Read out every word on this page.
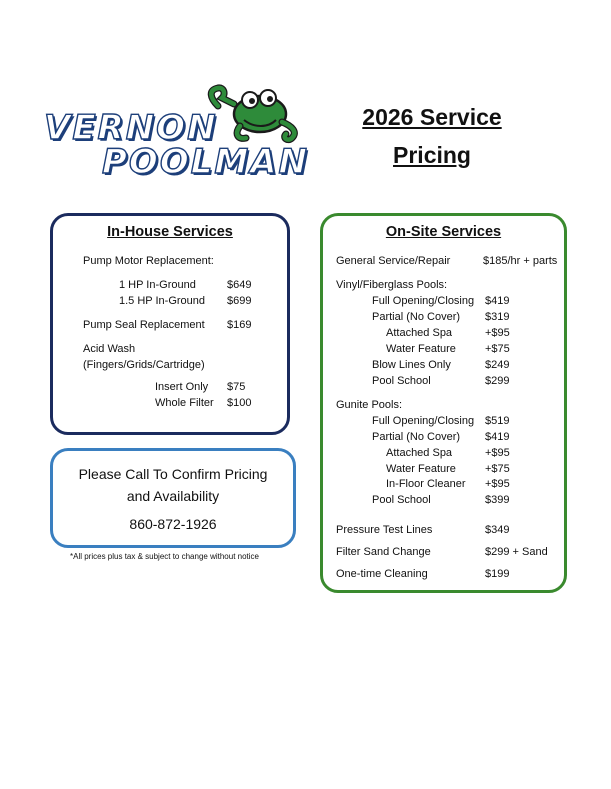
VERNON
POOLMAN
2026 Service
Pricing
In-House Services
Pump Motor Replacement:
1 HP In-Ground	$649
1.5 HP In-Ground $699
Pump Seal Replacement $169
Acid Wash
(Fingers/Grids/Cartridge)
Insert Only $75
Whole Filter $100
Please Call To Confirm Pricing
and Availability
860-872-1926
*All prices plus tax & subject to change without notice
On-Site Services
General Service/Repair	$185/hr + parts
Vinyl/Fiberglass Pools:
Full Opening/Closing $419
Partial (No Cover) $319
Attached Spa	+$95
Water Feature	+$75
Blow Lines Only	$249
Pool School	$299
Gunite Pools:
Full Opening/Closing $519
Partial (No Cover) $419
Attached Spa	+$95
Water Feature	+$75
In-Floor Cleaner +$95
Pool School	$399
Pressure Test Lines	$349
Filter Sand Change	$299 + Sand
One-time Cleaning	$199
